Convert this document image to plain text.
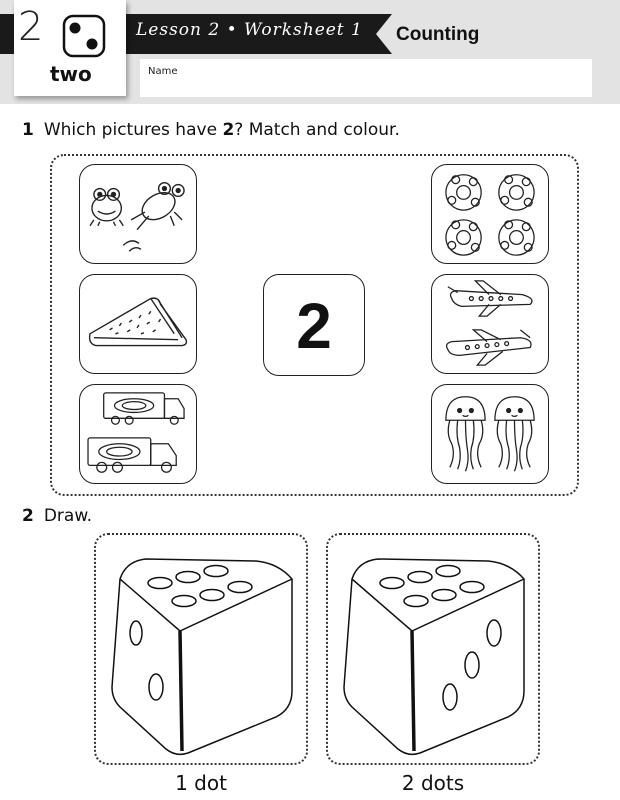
Lesson 2 • Worksheet 1 Counting
2
two	Name
1 Which pictures have 2? Match and colour.
2
2 Draw.
1 dot	2 dots
